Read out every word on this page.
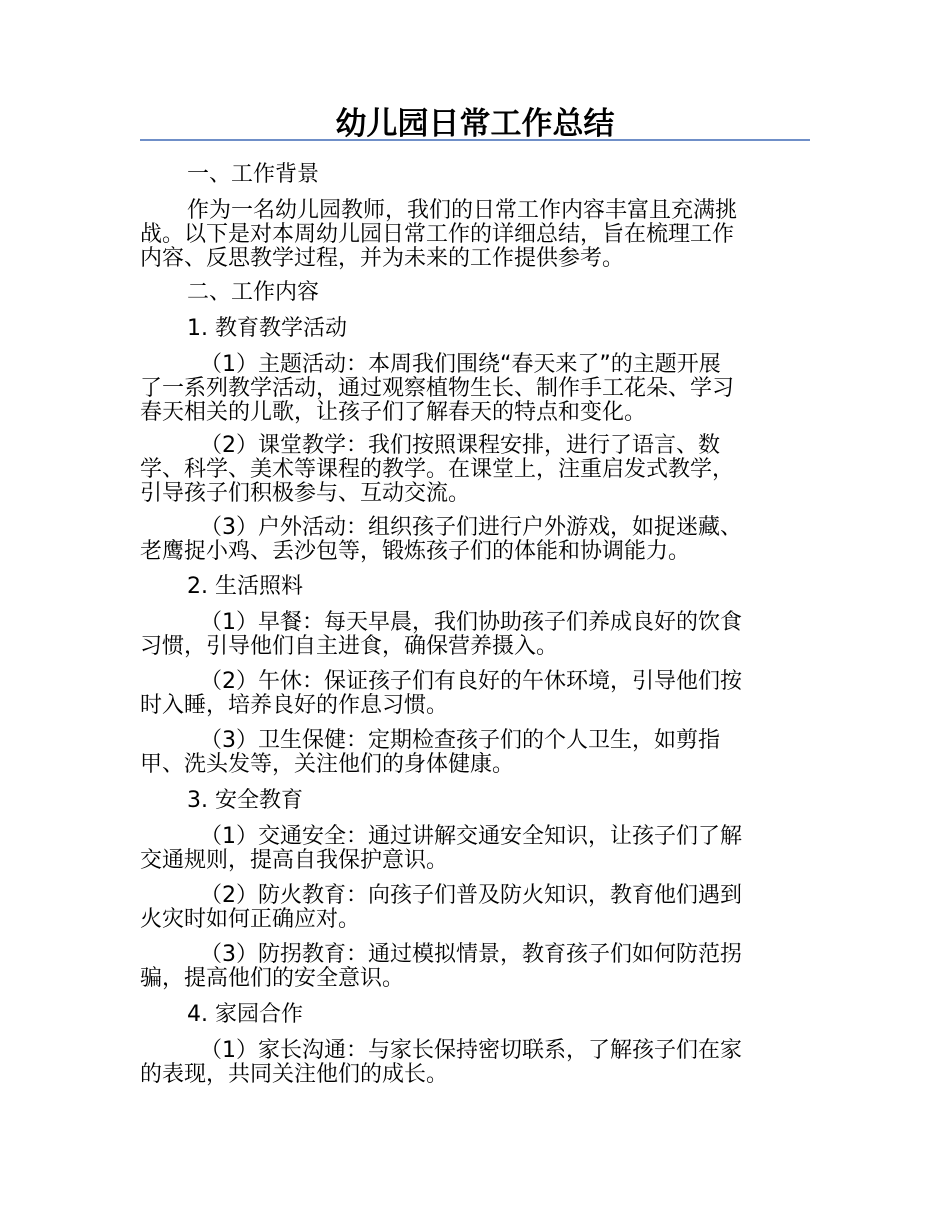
幼儿园日常工作总结
一、工作背景
作为一名幼儿园教师，我们的日常工作内容丰富且充满挑
战。以下是对本周幼儿园日常工作的详细总结，旨在梳理工作
内容、反思教学过程，并为未来的工作提供参考。
二、工作内容
1. 教育教学活动
（1）主题活动：本周我们围绕“春天来了”的主题开展
了一系列教学活动，通过观察植物生长、制作手工花朵、学习
春天相关的儿歌，让孩子们了解春天的特点和变化。
（2）课堂教学：我们按照课程安排，进行了语言、数
学、科学、美术等课程的教学。在课堂上，注重启发式教学，
引导孩子们积极参与、互动交流。
（3）户外活动：组织孩子们进行户外游戏，如捉迷藏、
老鹰捉小鸡、丢沙包等，锻炼孩子们的体能和协调能力。
2. 生活照料
（1）早餐：每天早晨，我们协助孩子们养成良好的饮食
习惯，引导他们自主进食，确保营养摄入。
（2）午休：保证孩子们有良好的午休环境，引导他们按
时入睡，培养良好的作息习惯。
（3）卫生保健：定期检查孩子们的个人卫生，如剪指
甲、洗头发等，关注他们的身体健康。
3. 安全教育
（1）交通安全：通过讲解交通安全知识，让孩子们了解
交通规则，提高自我保护意识。
（2）防火教育：向孩子们普及防火知识，教育他们遇到
火灾时如何正确应对。
（3）防拐教育：通过模拟情景，教育孩子们如何防范拐
骗，提高他们的安全意识。
4. 家园合作
（1）家长沟通：与家长保持密切联系，了解孩子们在家
的表现，共同关注他们的成长。
